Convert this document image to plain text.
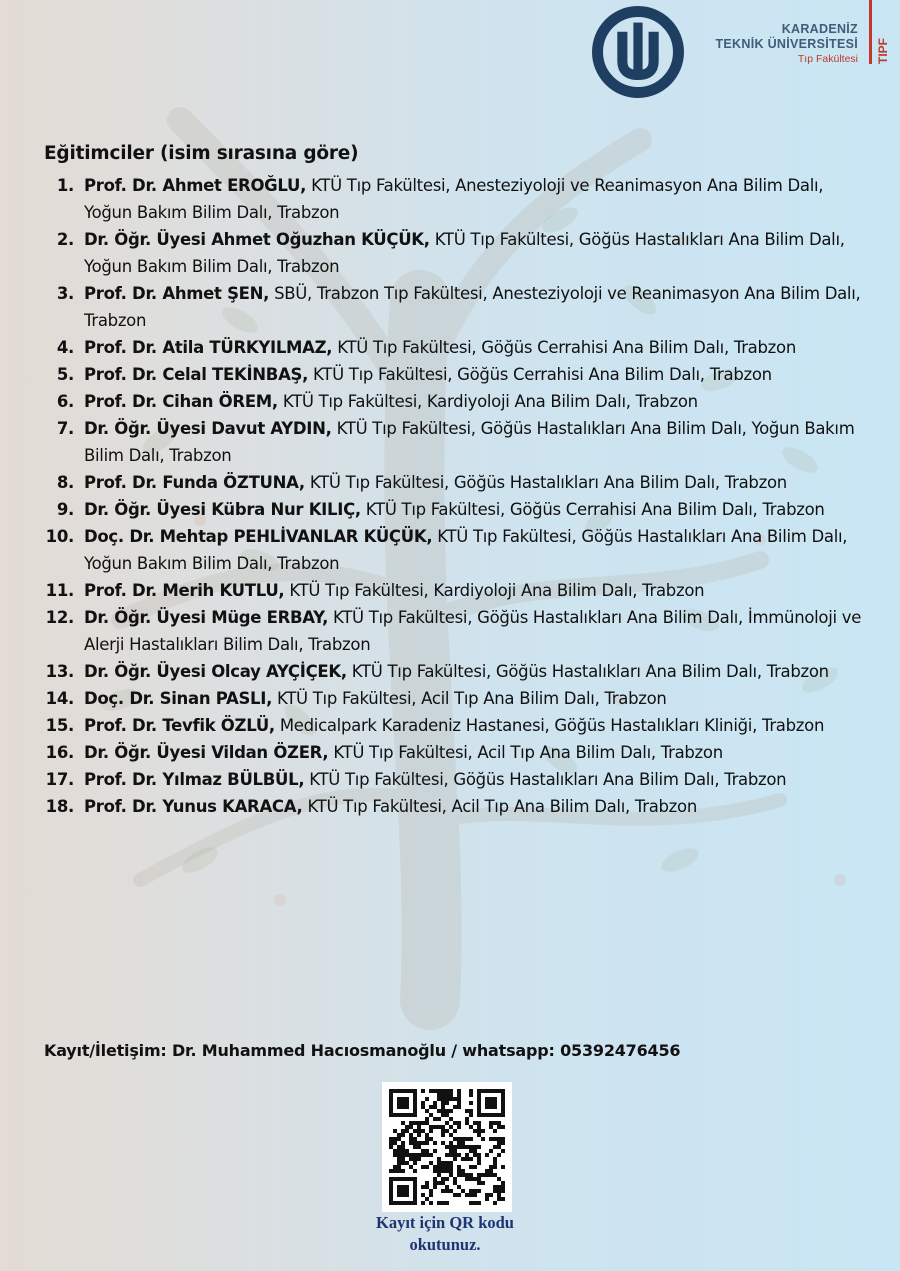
KARADENİZ
TEKNİK ÜNİVERSİTESİ
Tıp Fakültesi TIPF
Eğitimciler (isim sırasına göre)
1. Prof. Dr. Ahmet EROĞLU, KTÜ Tıp Fakültesi, Anesteziyoloji ve Reanimasyon Ana Bilim Dalı, Yoğun Bakım Bilim Dalı, Trabzon
2. Dr. Öğr. Üyesi Ahmet Oğuzhan KÜÇÜK, KTÜ Tıp Fakültesi, Göğüs Hastalıkları Ana Bilim Dalı, Yoğun Bakım Bilim Dalı, Trabzon
3. Prof. Dr. Ahmet ŞEN, SBÜ, Trabzon Tıp Fakültesi, Anesteziyoloji ve Reanimasyon Ana Bilim Dalı, Trabzon
4. Prof. Dr. Atila TÜRKYILMAZ, KTÜ Tıp Fakültesi, Göğüs Cerrahisi Ana Bilim Dalı, Trabzon
5. Prof. Dr. Celal TEKİNBAŞ, KTÜ Tıp Fakültesi, Göğüs Cerrahisi Ana Bilim Dalı, Trabzon
6. Prof. Dr. Cihan ÖREM, KTÜ Tıp Fakültesi, Kardiyoloji Ana Bilim Dalı, Trabzon
7. Dr. Öğr. Üyesi Davut AYDIN, KTÜ Tıp Fakültesi, Göğüs Hastalıkları Ana Bilim Dalı, Yoğun Bakım Bilim Dalı, Trabzon
8. Prof. Dr. Funda ÖZTUNA, KTÜ Tıp Fakültesi, Göğüs Hastalıkları Ana Bilim Dalı, Trabzon
9. Dr. Öğr. Üyesi Kübra Nur KILIÇ, KTÜ Tıp Fakültesi, Göğüs Cerrahisi Ana Bilim Dalı, Trabzon
10. Doç. Dr. Mehtap PEHLİVANLAR KÜÇÜK, KTÜ Tıp Fakültesi, Göğüs Hastalıkları Ana Bilim Dalı, Yoğun Bakım Bilim Dalı, Trabzon
11. Prof. Dr. Merih KUTLU, KTÜ Tıp Fakültesi, Kardiyoloji Ana Bilim Dalı, Trabzon
12. Dr. Öğr. Üyesi Müge ERBAY, KTÜ Tıp Fakültesi, Göğüs Hastalıkları Ana Bilim Dalı, İmmünoloji ve Alerji Hastalıkları Bilim Dalı, Trabzon
13. Dr. Öğr. Üyesi Olcay AYÇİÇEK, KTÜ Tıp Fakültesi, Göğüs Hastalıkları Ana Bilim Dalı, Trabzon
14. Doç. Dr. Sinan PASLI, KTÜ Tıp Fakültesi, Acil Tıp Ana Bilim Dalı, Trabzon
15. Prof. Dr. Tevfik ÖZLÜ, Medicalpark Karadeniz Hastanesi, Göğüs Hastalıkları Kliniği, Trabzon
16. Dr. Öğr. Üyesi Vildan ÖZER, KTÜ Tıp Fakültesi, Acil Tıp Ana Bilim Dalı, Trabzon
17. Prof. Dr. Yılmaz BÜLBÜL, KTÜ Tıp Fakültesi, Göğüs Hastalıkları Ana Bilim Dalı, Trabzon
18. Prof. Dr. Yunus KARACA, KTÜ Tıp Fakültesi, Acil Tıp Ana Bilim Dalı, Trabzon
Kayıt/İletişim: Dr. Muhammed Hacıosmanoğlu / whatsapp: 05392476456
Kayıt için QR kodu
okutunuz.
